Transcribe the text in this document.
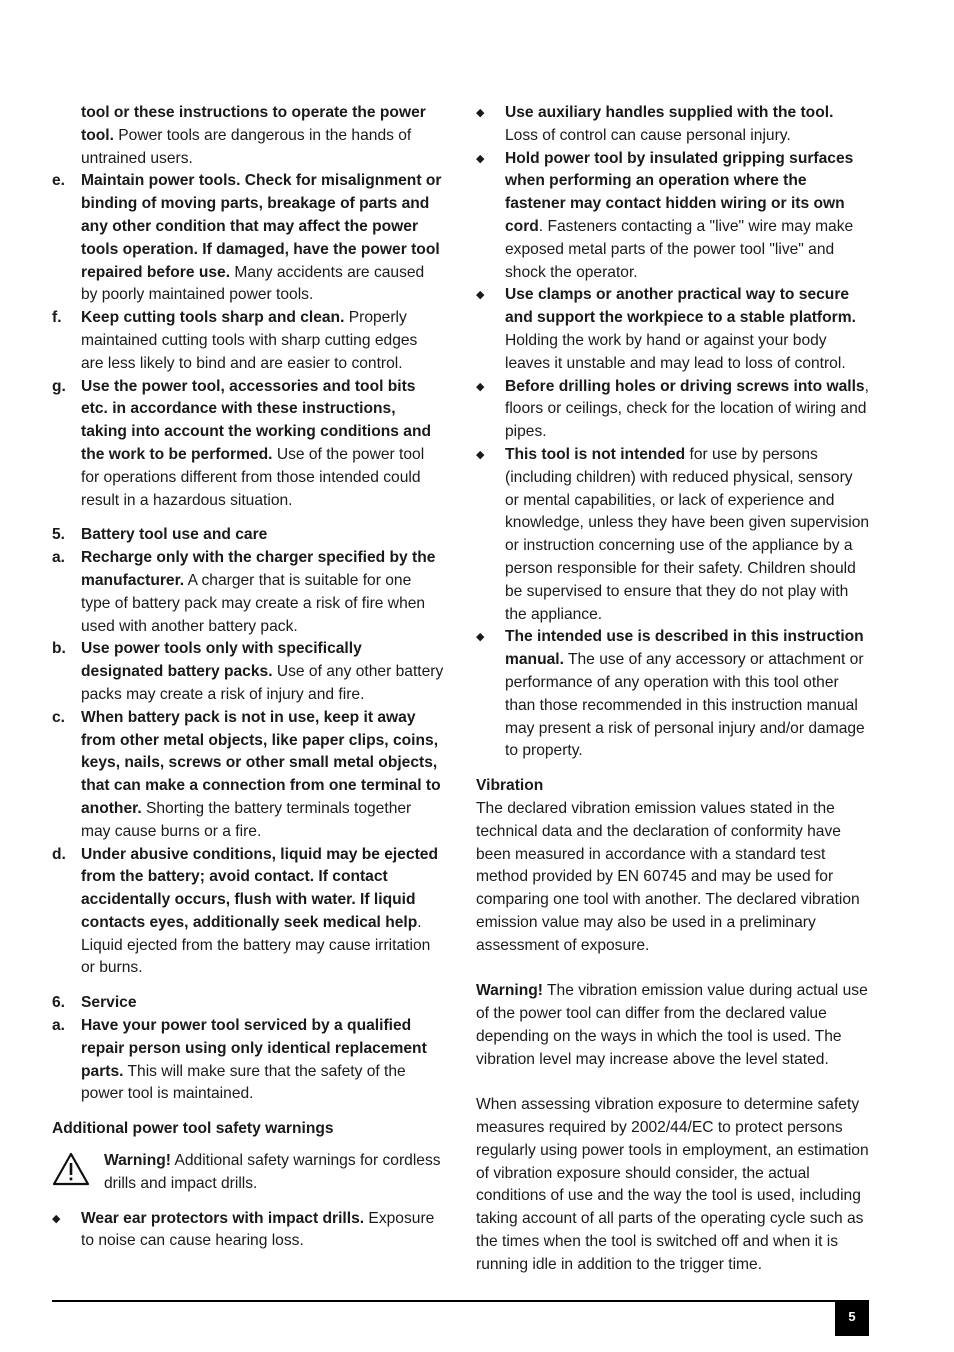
tool or these instructions to operate the power tool. Power tools are dangerous in the hands of untrained users.
e. Maintain power tools. Check for misalignment or binding of moving parts, breakage of parts and any other condition that may affect the power tools operation. If damaged, have the power tool repaired before use. Many accidents are caused by poorly maintained power tools.
f. Keep cutting tools sharp and clean. Properly maintained cutting tools with sharp cutting edges are less likely to bind and are easier to control.
g. Use the power tool, accessories and tool bits etc. in accordance with these instructions, taking into account the working conditions and the work to be performed. Use of the power tool for operations different from those intended could result in a hazardous situation.
5. Battery tool use and care
a. Recharge only with the charger specified by the manufacturer. A charger that is suitable for one type of battery pack may create a risk of fire when used with another battery pack.
b. Use power tools only with specifically designated battery packs. Use of any other battery packs may create a risk of injury and fire.
c. When battery pack is not in use, keep it away from other metal objects, like paper clips, coins, keys, nails, screws or other small metal objects, that can make a connection from one terminal to another. Shorting the battery terminals together may cause burns or a fire.
d. Under abusive conditions, liquid may be ejected from the battery; avoid contact. If contact accidentally occurs, flush with water. If liquid contacts eyes, additionally seek medical help. Liquid ejected from the battery may cause irritation or burns.
6. Service
a. Have your power tool serviced by a qualified repair person using only identical replacement parts. This will make sure that the safety of the power tool is maintained.
Additional power tool safety warnings
Warning! Additional safety warnings for cordless drills and impact drills.
◆ Wear ear protectors with impact drills. Exposure to noise can cause hearing loss.
◆ Use auxiliary handles supplied with the tool. Loss of control can cause personal injury.
◆ Hold power tool by insulated gripping surfaces when performing an operation where the fastener may contact hidden wiring or its own cord. Fasteners contacting a "live" wire may make exposed metal parts of the power tool "live" and shock the operator.
◆ Use clamps or another practical way to secure and support the workpiece to a stable platform. Holding the work by hand or against your body leaves it unstable and may lead to loss of control.
◆ Before drilling holes or driving screws into walls, floors or ceilings, check for the location of wiring and pipes.
◆ This tool is not intended for use by persons (including children) with reduced physical, sensory or mental capabilities, or lack of experience and knowledge, unless they have been given supervision or instruction concerning use of the appliance by a person responsible for their safety. Children should be supervised to ensure that they do not play with the appliance.
◆ The intended use is described in this instruction manual. The use of any accessory or attachment or performance of any operation with this tool other than those recommended in this instruction manual may present a risk of personal injury and/or damage to property.
Vibration

The declared vibration emission values stated in the technical data and the declaration of conformity have been measured in accordance with a standard test method provided by EN 60745 and may be used for comparing one tool with another. The declared vibration emission value may also be used in a preliminary assessment of exposure.

Warning! The vibration emission value during actual use of the power tool can differ from the declared value depending on the ways in which the tool is used. The vibration level may increase above the level stated.

When assessing vibration exposure to determine safety measures required by 2002/44/EC to protect persons regularly using power tools in employment, an estimation of vibration exposure should consider, the actual conditions of use and the way the tool is used, including taking account of all parts of the operating cycle such as the times when the tool is switched off and when it is running idle in addition to the trigger time.

5
